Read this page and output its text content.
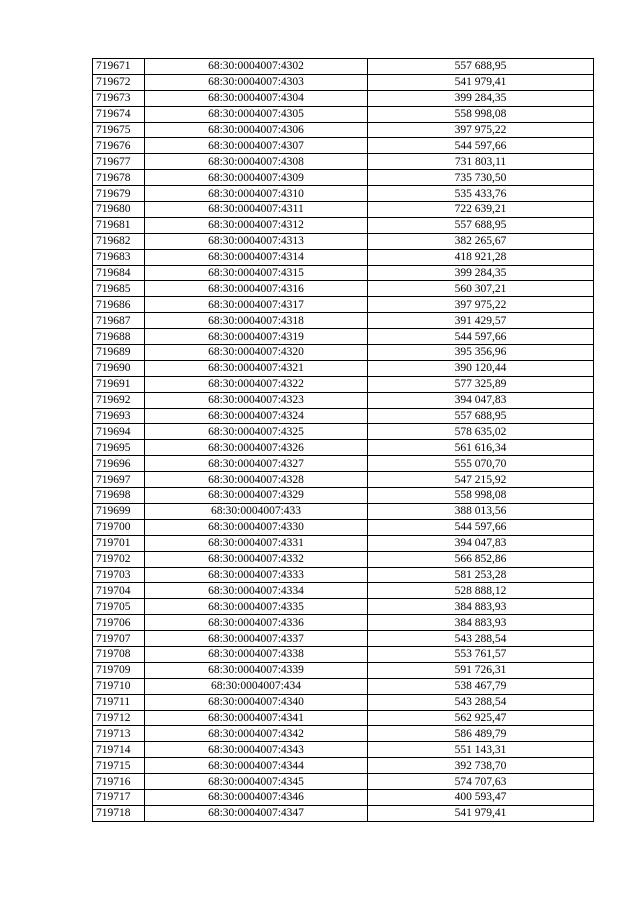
719671	68:30:0004007:4302	557 688,95
719672	68:30:0004007:4303	541 979,41
719673	68:30:0004007:4304	399 284,35
719674	68:30:0004007:4305	558 998,08
719675	68:30:0004007:4306	397 975,22
719676	68:30:0004007:4307	544 597,66
719677	68:30:0004007:4308	731 803,11
719678	68:30:0004007:4309	735 730,50
719679	68:30:0004007:4310	535 433,76
719680	68:30:0004007:4311	722 639,21
719681	68:30:0004007:4312	557 688,95
719682	68:30:0004007:4313	382 265,67
719683	68:30:0004007:4314	418 921,28
719684	68:30:0004007:4315	399 284,35
719685	68:30:0004007:4316	560 307,21
719686	68:30:0004007:4317	397 975,22
719687	68:30:0004007:4318	391 429,57
719688	68:30:0004007:4319	544 597,66
719689	68:30:0004007:4320	395 356,96
719690	68:30:0004007:4321	390 120,44
719691	68:30:0004007:4322	577 325,89
719692	68:30:0004007:4323	394 047,83
719693	68:30:0004007:4324	557 688,95
719694	68:30:0004007:4325	578 635,02
719695	68:30:0004007:4326	561 616,34
719696	68:30:0004007:4327	555 070,70
719697	68:30:0004007:4328	547 215,92
719698	68:30:0004007:4329	558 998,08
719699	68:30:0004007:433	388 013,56
719700	68:30:0004007:4330	544 597,66
719701	68:30:0004007:4331	394 047,83
719702	68:30:0004007:4332	566 852,86
719703	68:30:0004007:4333	581 253,28
719704	68:30:0004007:4334	528 888,12
719705	68:30:0004007:4335	384 883,93
719706	68:30:0004007:4336	384 883,93
719707	68:30:0004007:4337	543 288,54
719708	68:30:0004007:4338	553 761,57
719709	68:30:0004007:4339	591 726,31
719710	68:30:0004007:434	538 467,79
719711	68:30:0004007:4340	543 288,54
719712	68:30:0004007:4341	562 925,47
719713	68:30:0004007:4342	586 489,79
719714	68:30:0004007:4343	551 143,31
719715	68:30:0004007:4344	392 738,70
719716	68:30:0004007:4345	574 707,63
719717	68:30:0004007:4346	400 593,47
719718	68:30:0004007:4347	541 979,41
